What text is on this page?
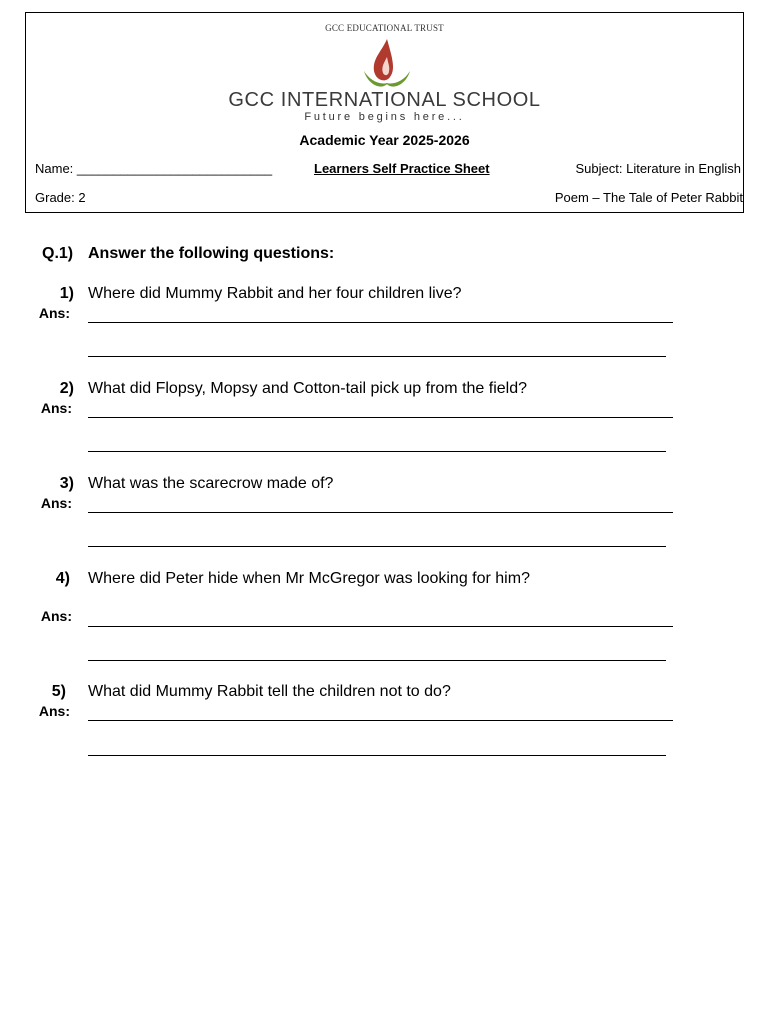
GCC EDUCATIONAL TRUST
GCC INTERNATIONAL SCHOOL
Future begins here...
Academic Year 2025-2026
Name: ___________________________	Learners Self Practice Sheet	Subject: Literature in English
Grade: 2	Poem – The Tale of Peter Rabbit
Q.1) Answer the following questions:
1) Where did Mummy Rabbit and her four children live?
Ans:
2) What did Flopsy, Mopsy and Cotton-tail pick up from the field?
Ans:
3) What was the scarecrow made of?
Ans:
4) Where did Peter hide when Mr McGregor was looking for him?
Ans:
5) What did Mummy Rabbit tell the children not to do?
Ans:
